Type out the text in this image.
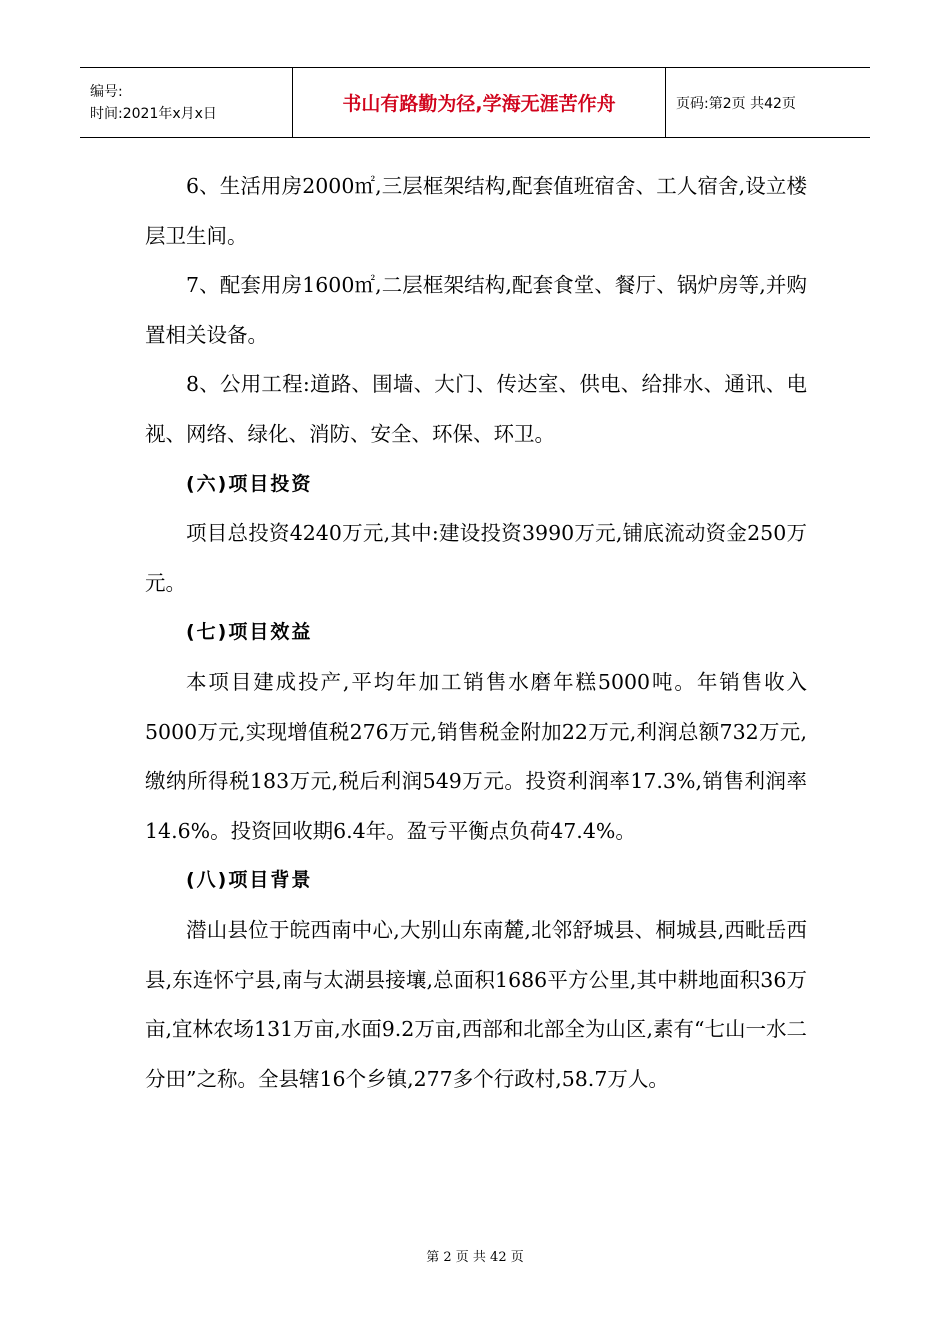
编号:
时间:2021年x月x日	书山有路勤为径,学海无涯苦作舟	页码:第2页 共42页

6、生活用房2000㎡,三层框架结构,配套值班宿舍、工人宿舍,设立楼层卫生间。

7、配套用房1600㎡,二层框架结构,配套食堂、餐厅、锅炉房等,并购置相关设备。

8、公用工程:道路、围墙、大门、传达室、供电、给排水、通讯、电视、网络、绿化、消防、安全、环保、环卫。

(六)项目投资

项目总投资4240万元,其中:建设投资3990万元,铺底流动资金250万元。

(七)项目效益

本项目建成投产,平均年加工销售水磨年糕5000吨。年销售收入5000万元,实现增值税276万元,销售税金附加22万元,利润总额732万元,缴纳所得税183万元,税后利润549万元。投资利润率17.3%,销售利润率14.6%。投资回收期6.4年。盈亏平衡点负荷47.4%。

(八)项目背景

潜山县位于皖西南中心,大别山东南麓,北邻舒城县、桐城县,西毗岳西县,东连怀宁县,南与太湖县接壤,总面积1686平方公里,其中耕地面积36万亩,宜林农场131万亩,水面9.2万亩,西部和北部全为山区,素有“七山一水二分田”之称。全县辖16个乡镇,277多个行政村,58.7万人。

第 2 页 共 42 页
